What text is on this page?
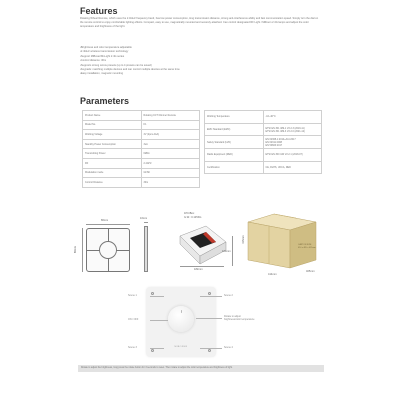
Features

Rotating Wheel Remote, which uses the 2.4GHz frequency band, has low power consumption, long transmission distance, strong anti-interference ability and fast communication speed. Simply turn the dial on the remote control to enjoy comfortable lighting effects. Compact, easy to use, magnetically mounted and securely attached. Can control designated RF Light / Milboon 2.4G lamps and adjust the color temperature and brightness of the light.

• Brightness and color temperature adjustable
• 2.4GHz wireless transmission technology
• Support MiBoxer/Mi-Light 2.4G series
• Control distance: 30m
• Supports strong screw presets (up to 4 presets can be saved)
• Keypads: matching multiple devices and can control multiple devices at the same time
• Easy installation, magnetic mounting
Parameters
Product Name	Rotating CCT Dimmer Remote
Model No.	K1
Working Voltage	3V (2pcs AAA)
Standby Power Consumption	3uA
Transmitting Power	6dBm
RF	2.4GHz
Modulation mode	GFSK
Control Distance	30m
Working Temperature	-10~40°C
EMC Standard (EMC)	ETSI EN 301 489-1 V2.2.3 (2019-11)
ETSI EN 301 489-3 V2.2.0 (2021-12)
Safety Standard (LVD)	EN 62368-1:2014+A11:2017
EN 62311:2008
EN 50663:2017
Radio Equipment (RED)	ETSI EN 300 440 V2.2.1 (2018-07)
Certification	CE, RoHS, UKCA, RED
86mm
86mm
16mm
1PC/Box
G.W.: 0.125KG
182mm
100mm
CARTON SIZE
414 x 405 x 415mm
415mm
414mm
405mm
MIBOXER
Scene 1	Scene 2
Scene 3	Scene 4
ON / OFF
Rotate to adjust
brightness/color temperature
Rotate to adjust the brightness, long press the rotate button for 3 seconds to reset. Then rotate to adjust the color temperature and brightness of light.
